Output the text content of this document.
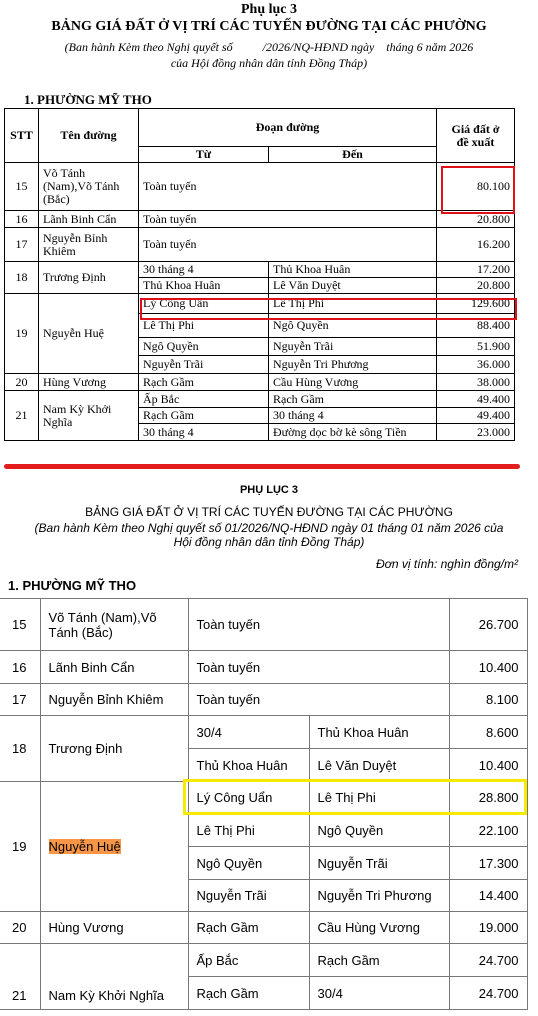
Phụ lục 3
BẢNG GIÁ ĐẤT Ở VỊ TRÍ CÁC TUYẾN ĐƯỜNG TẠI CÁC PHƯỜNG
(Ban hành Kèm theo Nghị quyết số          /2026/NQ-HĐND ngày    tháng 6 năm 2026
của Hội đồng nhân dân tỉnh Đồng Tháp)
1. PHƯỜNG MỸ THO
STT	Tên đường	Đoạn đường		Giá đất ở
đề xuất
		Từ	Đến	
15	Võ Tánh (Nam),Võ Tánh (Bắc)	Toàn tuyến		80.100
16	Lãnh Binh Cẩn	Toàn tuyến		20.800
17	Nguyễn Bỉnh Khiêm	Toàn tuyến		16.200
18	Trương Định	30 tháng 4	Thủ Khoa Huân	17.200
		Thủ Khoa Huân	Lê Văn Duyệt	20.800
19	Nguyễn Huệ	Lý Công Uẩn	Lê Thị Phi	129.600
		Lê Thị Phi	Ngô Quyền	88.400
		Ngô Quyền	Nguyễn Trãi	51.900
		Nguyễn Trãi	Nguyễn Tri Phương	36.000
20	Hùng Vương	Rạch Gầm	Cầu Hùng Vương	38.000
21	Nam Kỳ Khởi Nghĩa	Ấp Bắc	Rạch Gầm	49.400
		Rạch Gầm	30 tháng 4	49.400
		30 tháng 4	Đường dọc bờ kè sông Tiền	23.000
PHỤ LỤC 3
BẢNG GIÁ ĐẤT Ở VỊ TRÍ CÁC TUYẾN ĐƯỜNG TẠI CÁC PHƯỜNG
(Ban hành Kèm theo Nghị quyết số 01/2026/NQ-HĐND ngày 01 tháng 01 năm 2026 của
Hội đồng nhân dân tỉnh Đồng Tháp)
Đơn vị tính: nghìn đồng/m²
1. PHƯỜNG MỸ THO
15	Võ Tánh (Nam),Võ Tánh (Bắc)	Toàn tuyến		26.700
16	Lãnh Binh Cẩn	Toàn tuyến		10.400
17	Nguyễn Bỉnh Khiêm	Toàn tuyến		8.100
18	Trương Định	30/4	Thủ Khoa Huân	8.600
		Thủ Khoa Huân	Lê Văn Duyệt	10.400
19	Nguyễn Huệ	Lý Công Uẩn	Lê Thị Phi	28.800
		Lê Thị Phi	Ngô Quyền	22.100
		Ngô Quyền	Nguyễn Trãi	17.300
		Nguyễn Trãi	Nguyễn Tri Phương	14.400
20	Hùng Vương	Rạch Gầm	Cầu Hùng Vương	19.000
21	Nam Kỳ Khởi Nghĩa	Ấp Bắc	Rạch Gầm	24.700
		Rạch Gầm	30/4	24.700
